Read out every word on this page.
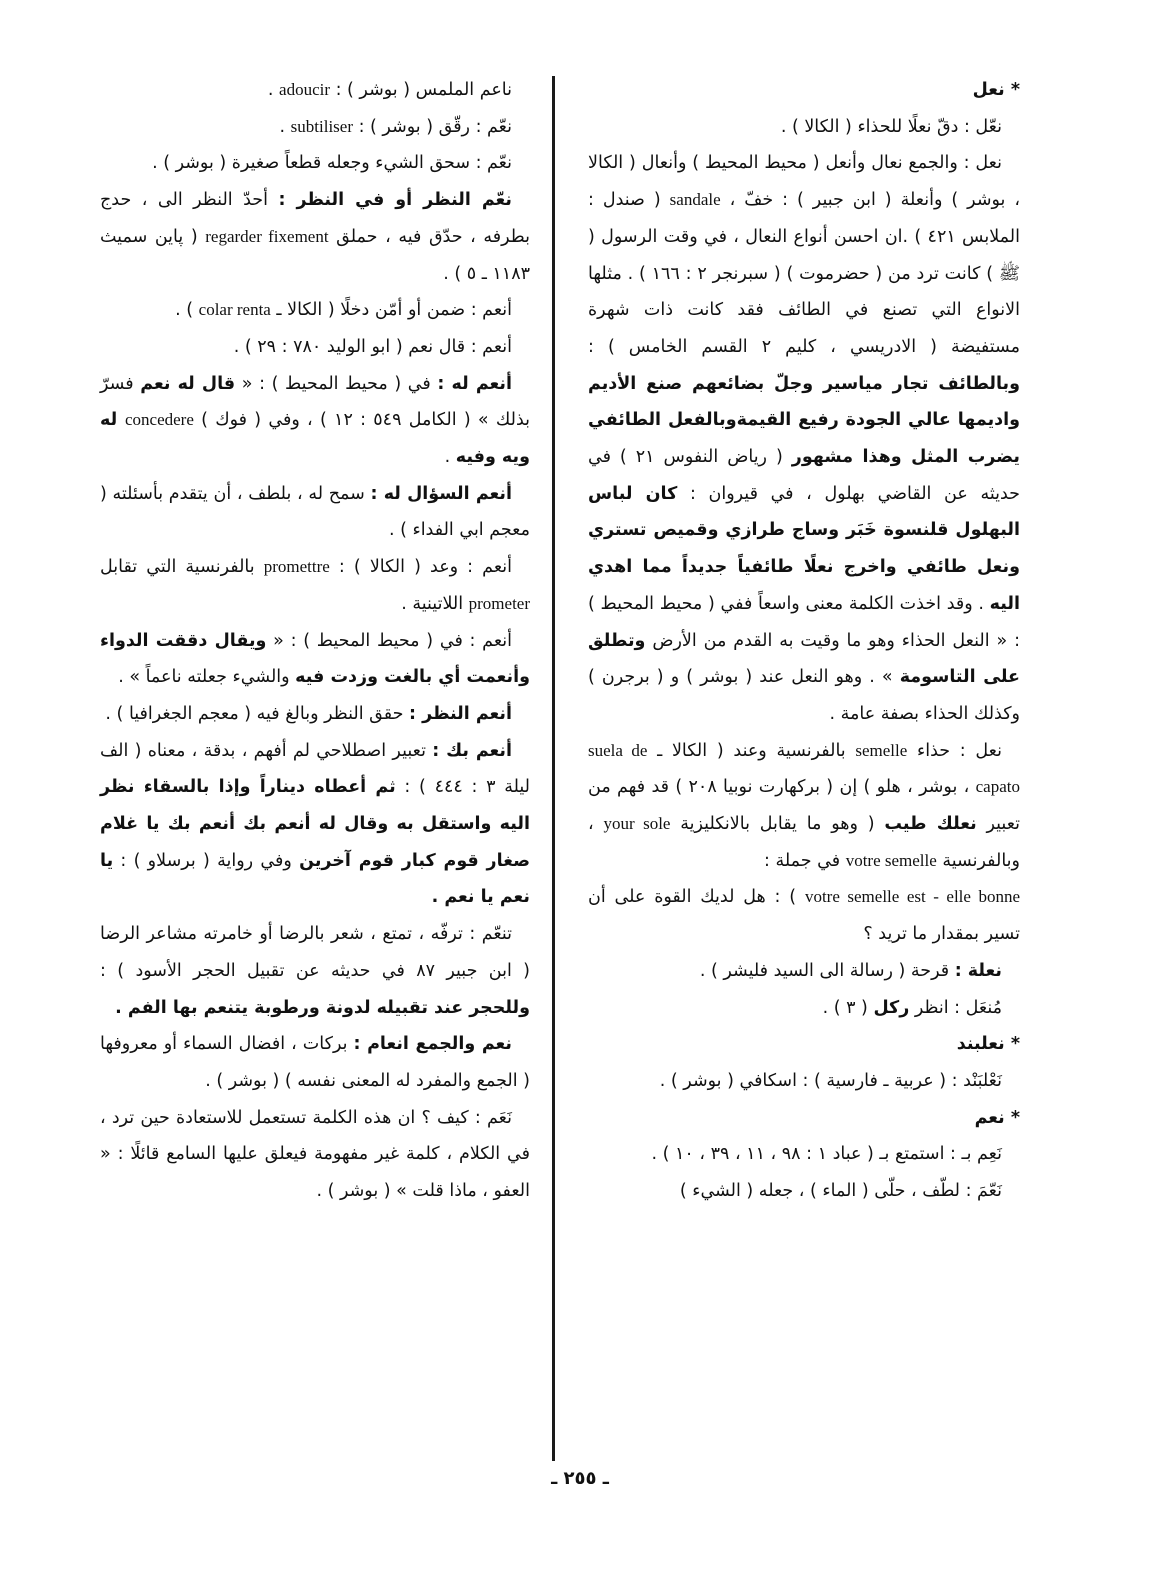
* نعل

نعّل : دقّ نعلًا للحذاء ( الكالا ) .

نعل : والجمع نعال وأنعل ( محيط المحيط ) وأنعال ( الكالا ، بوشر ) وأنعلة ( ابن جبير ) : خفّ ، sandale ( صندل : الملابس ٤٢١ ) .ان احسن أنواع النعال ، في وقت الرسول ( ﷺ ) كانت ترد من ( حضرموت ) ( سبرنجر ٢ : ١٦٦ ) . مثلها الانواع التي تصنع في الطائف فقد كانت ذات شهرة مستفيضة ( الادريسي ، كليم ٢ القسم الخامس ) : وبالطائف تجار مياسير وجلّ بضائعهم صنع الأديم واديمها عالي الجودة رفيع القيمةوبالفعل الطائفي يضرب المثل وهذا مشهور ( رياض النفوس ٢١ ) في حديثه عن القاضي بهلول ، في قيروان : كان لباس البهلول قلنسوة خَبَر وساج طرازي وقميص تستري ونعل طائفي واخرج نعلًا طائفياً جديداً مما اهدي اليه . وقد اخذت الكلمة معنى واسعاً ففي ( محيط المحيط ) : « النعل الحذاء وهو ما وقيت به القدم من الأرض وتطلق على التاسومة » . وهو النعل عند ( بوشر ) و ( برجرن ) وكذلك الحذاء بصفة عامة .

نعل : حذاء semelle بالفرنسية وعند ( الكالا ـ suela de capato ، بوشر ، هلو ) إن ( بركهارت نوبيا ٢٠٨ ) قد فهم من تعبير نعلك طيب ( وهو ما يقابل بالانكليزية your sole ، وبالفرنسية votre semelle في جملة :

votre semelle est - elle bonne ) : هل لديك القوة على أن تسير بمقدار ما تريد ؟

نعلة : قرحة ( رسالة الى السيد فليشر ) .

مُنعَل : انظر ركل ( ٣ ) .

* نعلبند

نَعْلبَنْد : ( عربية ـ فارسية ) : اسكافي ( بوشر ) .

* نعم

نَعِم بـ : استمتع بـ ( عباد ١ : ٩٨ ، ١١ ، ٣٩ ، ١٠ ) .

نَعّمَ : لطّف ، حلّى ( الماء ) ، جعله ( الشيء )

ناعم الملمس ( بوشر ) : adoucir .

نعّم : رقّق ( بوشر ) : subtiliser .

نعّم : سحق الشيء وجعله قطعاً صغيرة ( بوشر ) .

نعّم النظر أو في النظر : أحدّ النظر الى ، حدج بطرفه ، حدّق فيه ، حملق regarder fixement ( پاين سميث ١١٨٣ ـ ٥ ) .

أنعم : ضمن أو أمّن دخلًا ( الكالا ـ colar renta ) .

أنعم : قال نعم ( ابو الوليد ٧٨٠ : ٢٩ ) .

أنعم له : في ( محيط المحيط ) : « قال له نعم فسرّ بذلك » ( الكامل ٥٤٩ : ١٢ ) ، وفي ( فوك ) concedere له ويه وفيه .

أنعم السؤال له : سمح له ، بلطف ، أن يتقدم بأسئلته ( معجم ابي الفداء ) .

أنعم : وعد ( الكالا ) : promettre بالفرنسية التي تقابل prometer اللاتينية .

أنعم : في ( محيط المحيط ) : « ويقال دققت الدواء وأنعمت أي بالغت وزدت فيه والشيء جعلته ناعماً » .

أنعم النظر : حقق النظر وبالغ فيه ( معجم الجغرافيا ) .

أنعم بك : تعبير اصطلاحي لم أفهم ، بدقة ، معناه ( الف ليلة ٣ : ٤٤٤ ) : ثم أعطاه ديناراً وإذا بالسقاء نظر اليه واستقل به وقال له أنعم بك أنعم بك يا غلام صغار قوم كبار قوم آخرين وفي رواية ( برسلاو ) : يا نعم يا نعم .

تنعّم : ترفّه ، تمتع ، شعر بالرضا أو خامرته مشاعر الرضا ( ابن جبير ٨٧ في حديثه عن تقبيل الحجر الأسود ) : وللحجر عند تقبيله لدونة ورطوبة يتنعم بها الفم .

نعم والجمع انعام : بركات ، افضال السماء أو معروفها ( الجمع والمفرد له المعنى نفسه ) ( بوشر ) .

نَعَم : كيف ؟ ان هذه الكلمة تستعمل للاستعادة حين ترد ، في الكلام ، كلمة غير مفهومة فيعلق عليها السامع قائلًا : « العفو ، ماذا قلت » ( بوشر ) .

ـ ٢٥٥ ـ
